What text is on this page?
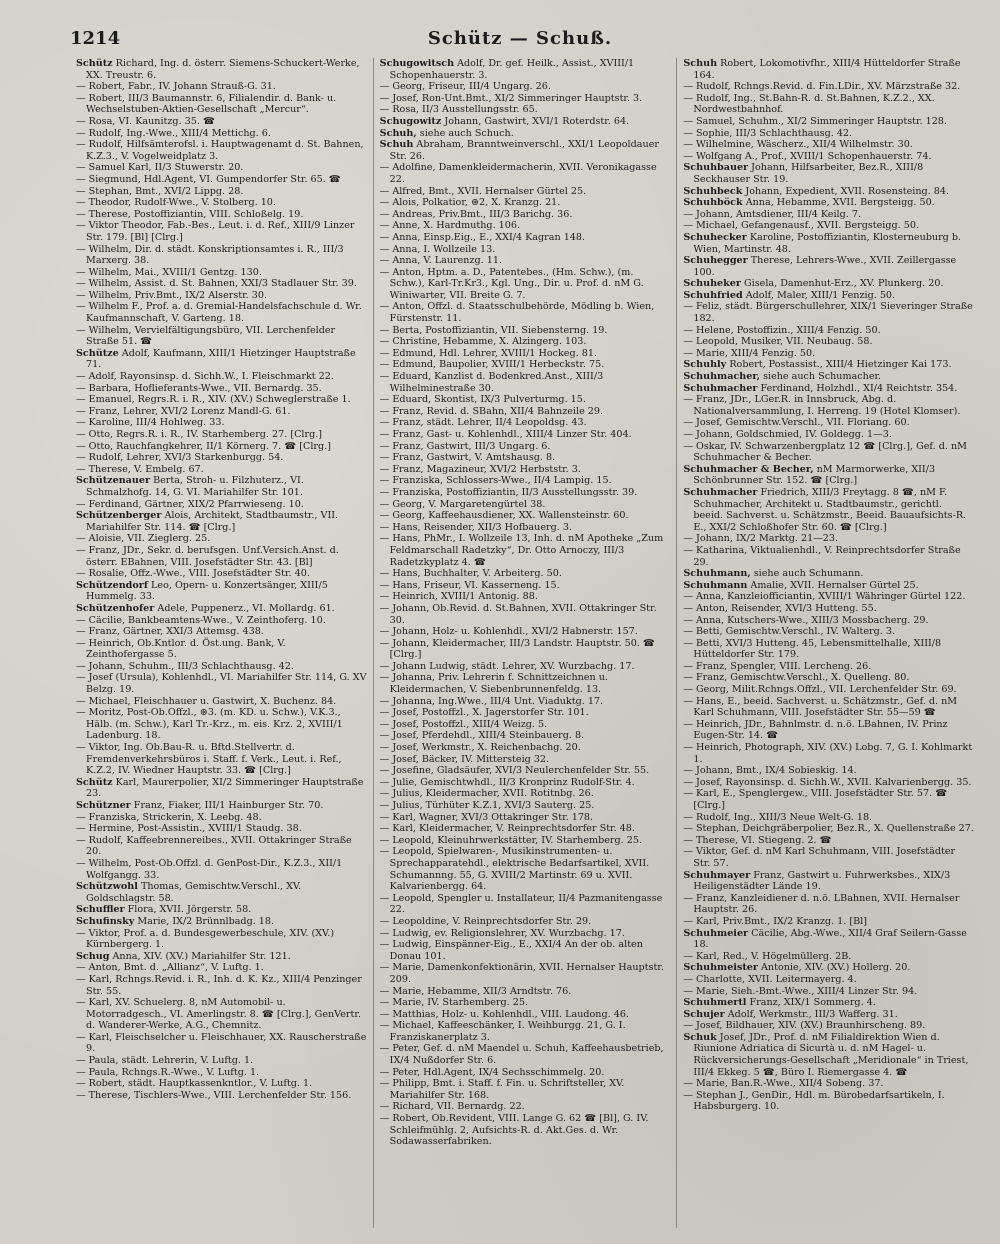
1214	Schütz — Schuß.

Schütz Richard, Ing. d. österr. Siemens-Schuckert-Werke, XX. Treustr. 6.

— Robert, Fabr., IV. Johann Strauß-G. 31.

— Robert, III/3 Baumannstr. 6, Filialendir. d. Bank- u. Wechselstuben-Aktien-Gesellschaft „Mercur“.

— Rosa, VI. Kaunitzg. 35. ☎

— Rudolf, Ing.-Wwe., XIII/4 Mettichg. 6.

— Rudolf, Hilfsämterofsl. i. Hauptwagenamt d. St. Bahnen, K.Z.3., V. Vogelweidplatz 3.

— Samuel Karl, II/3 Stuwerstr. 20.

— Siegmund, Hdl.Agent, VI. Gumpendorfer Str. 65. ☎

— Stephan, Bmt., XVI/2 Lippg. 28.

— Theodor, Rudolf-Wwe., V. Stolberg. 10.

— Therese, Postoffiziantin, VIII. Schloßelg. 19.

— Viktor Theodor, Fab.-Bes., Leut. i. d. Ref., XIII/9 Linzer Str. 179. [Bl] [Clrg.]

— Wilhelm, Dir. d. städt. Konskriptionsamtes i. R., III/3 Marxerg. 38.

— Wilhelm, Mai., XVIII/1 Gentzg. 130.

— Wilhelm, Assist. d. St. Bahnen, XXI/3 Stadlauer Str. 39.

— Wilhelm, Priv.Bmt., IX/2 Alserstr. 30.

— Wilhelm F., Prof. a. d. Gremial-Handelsfachschule d. Wr. Kaufmannschaft, V. Garteng. 18.

— Wilhelm, Vervielfältigungsbüro, VII. Lerchenfelder Straße 51. ☎

Schütze Adolf, Kaufmann, XIII/1 Hietzinger Hauptstraße 71.

— Adolf, Rayonsinsp. d. Sichh.W., I. Fleischmarkt 22.

— Barbara, Hoflieferants-Wwe., VII. Bernardg. 35.

— Emanuel, Regrs.R. i. R., XIV. (XV.) Schweglerstraße 1.

— Franz, Lehrer, XVI/2 Lorenz Mandl-G. 61.

— Karoline, III/4 Hohlweg. 33.

— Otto, Regrs.R. i. R., IV. Starhemberg. 27. [Clrg.]

— Otto, Rauchfangkehrer, II/1 Körnerg. 7. ☎ [Clrg.]

— Rudolf, Lehrer, XVI/3 Starkenburgg. 54.

— Therese, V. Embelg. 67.

Schützenauer Berta, Stroh- u. Filzhuterz., VI. Schmalzhofg. 14, G. VI. Mariahilfer Str. 101.

— Ferdinand, Gärtner, XIX/2 Pfarrwieseng. 10.

Schützenberger Alois, Architekt, Stadtbaumstr., VII. Mariahilfer Str. 114. ☎ [Clrg.]

— Aloisie, VII. Zieglerg. 25.

— Franz, JDr., Sekr. d. berufsgen. Unf.Versich.Anst. d. österr. EBahnen, VIII. Josefstädter Str. 43. [Bl]

— Rosalie, Offz.-Wwe., VIII. Josefstädter Str. 40.

Schützendorf Leo, Opern- u. Konzertsänger, XIII/5 Hummelg. 33.

Schützenhofer Adele, Puppenerz., VI. Mollardg. 61.

— Cäcilie, Bankbeamtens-Wwe., V. Zeinthoferg. 10.

— Franz, Gärtner, XXI/3 Attemsg. 438.

— Heinrich, Ob.Kntlor. d. Öst.ung. Bank, V. Zeinthofergasse 5.

— Johann, Schuhm., III/3 Schlachthausg. 42.

— Josef (Ursula), Kohlenhdl., VI. Mariahilfer Str. 114, G. XV Belzg. 19.

— Michael, Fleischhauer u. Gastwirt, X. Buchenz. 84.

— Moritz, Post-Ob.Offzl., ⊛3. (m. KD. u. Schw.), V.K.3., Hälb. (m. Schw.), Karl Tr.-Krz., m. eis. Krz. 2, XVIII/1 Ladenburg. 18.

— Viktor, Ing. Ob.Bau-R. u. Bftd.Stellvertr. d. Fremdenverkehrsbüros i. Staff. f. Verk., Leut. i. Ref., K.Z.2, IV. Wiedner Hauptstr. 33. ☎ [Clrg.]

Schütz Karl, Maurerpolier, XI/2 Simmeringer Hauptstraße 23.

Schützner Franz, Fiaker, III/1 Hainburger Str. 70.

— Franziska, Strickerin, X. Leebg. 48.

— Hermine, Post-Assistin., XVIII/1 Staudg. 38.

— Rudolf, Kaffeebrennereibes., XVII. Ottakringer Straße 20.

— Wilhelm, Post-Ob.Offzl. d. GenPost-Dir., K.Z.3., XII/1 Wolfgangg. 33.

Schützwohl Thomas, Gemischtw.Verschl., XV. Goldschlagstr. 58.

Schuffler Flora, XVII. Jörgerstr. 58.

Schufinsky Marie, IX/2 Brünnlbadg. 18.

— Viktor, Prof. a. d. Bundesgewerbeschule, XIV. (XV.) Kürnbergerg. 1.

Schug Anna, XIV. (XV.) Mariahilfer Str. 121.

— Anton, Bmt. d. „Allianz“, V. Luftg. 1.

— Karl, Rchngs.Revid. i. R., Inh. d. K. Kz., XIII/4 Penzinger Str. 55.

— Karl, XV. Schuelerg. 8, nM Automobil- u. Motorradgesch., VI. Amerlingstr. 8. ☎ [Clrg.], GenVertr. d. Wanderer-Werke, A.G., Chemnitz.

— Karl, Fleischselcher u. Fleischhauer, XX. Rauscherstraße 9.

— Paula, städt. Lehrerin, V. Luftg. 1.

— Paula, Rchngs.R.-Wwe., V. Luftg. 1.

— Robert, städt. Hauptkassenkntlor., V. Luftg. 1.

— Therese, Tischlers-Wwe., VIII. Lerchenfelder Str. 156.

Schugowitsch Adolf, Dr. gef. Heilk., Assist., XVIII/1 Schopenhauerstr. 3.

— Georg, Friseur, III/4 Ungarg. 26.

— Josef, Ron-Unt.Bmt., XI/2 Simmeringer Hauptstr. 3.

— Rosa, II/3 Ausstellungsstr. 65.

Schugowitz Johann, Gastwirt, XVI/1 Roterdstr. 64.

Schuh, siehe auch Schuch.

Schuh Abraham, Branntweinverschl., XXI/1 Leopoldauer Str. 26.

— Adolfine, Damenkleidermacherin, XVII. Veronikagasse 22.

— Alfred, Bmt., XVII. Hernalser Gürtel 25.

— Alois, Polkatior, ⊛2, X. Kranzg. 21.

— Andreas, Priv.Bmt., III/3 Barichg. 36.

— Anne, X. Hardmuthg. 106.

— Anna, Einsp.Eig., E., XXI/4 Kagran 148.

— Anna, I. Wollzeile 13.

— Anna, V. Laurenzg. 11.

— Anton, Hptm. a. D., Patentebes., (Hm. Schw.), (m. Schw.), Karl-Tr.Kr3., Kgl. Ung., Dir. u. Prof. d. nM G. Winiwarter, VII. Breite G. 7.

— Anton, Offzl. d. Staatsschulbehörde, Mödling b. Wien, Fürstenstr. 11.

— Berta, Postoffiziantin, VII. Siebensterng. 19.

— Christine, Hebamme, X. Alzingerg. 103.

— Edmund, Hdl. Lehrer, XVIII/1 Hockeg. 81.

— Edmund, Baupolier, XVIII/1 Herbeckstr. 75.

— Eduard, Kanzlist d. Bodenkred.Anst., XIII/3 Wilhelminestraße 30.

— Eduard, Skontist, IX/3 Pulverturmg. 15.

— Franz, Revid. d. SBahn, XII/4 Bahnzeile 29.

— Franz, städt. Lehrer, II/4 Leopoldsg. 43.

— Franz, Gast- u. Kohlenhdl., XIII/4 Linzer Str. 404.

— Franz, Gastwirt, III/3 Ungarg. 6.

— Franz, Gastwirt, V. Amtshausg. 8.

— Franz, Magazineur, XVI/2 Herbststr. 3.

— Franziska, Schlossers-Wwe., II/4 Lampig. 15.

— Franziska, Postoffiziantin, II/3 Ausstellungsstr. 39.

— Georg, V. Margaretengürtel 38.

— Georg, Kaffeehausdiener, XX. Wallensteinstr. 60.

— Hans, Reisender, XII/3 Hofbauerg. 3.

— Hans, PhMr., I. Wollzeile 13, Inh. d. nM Apotheke „Zum Feldmarschall Radetzky“, Dr. Otto Arnoczy, III/3 Radetzkyplatz 4. ☎

— Hans, Buchhalter, V. Arbeiterg. 50.

— Hans, Friseur, VI. Kasserneng. 15.

— Heinrich, XVIII/1 Antonig. 88.

— Johann, Ob.Revid. d. St.Bahnen, XVII. Ottakringer Str. 30.

— Johann, Holz- u. Kohlenhdl., XVI/2 Habnerstr. 157.

— Johann, Kleidermacher, III/3 Landstr. Hauptstr. 50. ☎ [Clrg.]

— Johann Ludwig, städt. Lehrer, XV. Wurzbachg. 17.

— Johanna, Priv. Lehrerin f. Schnittzeichnen u. Kleidermachen, V. Siebenbrunnenfeldg. 13.

— Johanna, Ing.Wwe., III/4 Unt. Viaduktg. 17.

— Josef, Postoffzl., X. Jagerstorfer Str. 101.

— Josef, Postoffzl., XIII/4 Weizg. 5.

— Josef, Pferdehdl., XIII/4 Steinbauerg. 8.

— Josef, Werkmstr., X. Reichenbachg. 20.

— Josef, Bäcker, IV. Mittersteig 32.

— Josefine, Gladsäufer, XVI/3 Neulerchenfelder Str. 55.

— Julie, Gemischtwhdl., II/3 Kronprinz Rudolf-Str. 4.

— Julius, Kleidermacher, XVII. Rotitnbg. 26.

— Julius, Türhüter K.Z.1, XVI/3 Sauterg. 25.

— Karl, Wagner, XVI/3 Ottakringer Str. 178.

— Karl, Kleidermacher, V. Reinprechtsdorfer Str. 48.

— Leopold, Kleinuhrwerkstätter, IV. Starhemberg. 25.

— Leopold, Spielwaren-, Musikinstrumenten- u. Sprechapparatehdl., elektrische Bedarfsartikel, XVII. Schumannng. 55, G. XVIII/2 Martinstr. 69 u. XVII. Kalvarienbergg. 64.

— Leopold, Spengler u. Installateur, II/4 Pazmanitengasse 22.

— Leopoldine, V. Reinprechtsdorfer Str. 29.

— Ludwig, ev. Religionslehrer, XV. Wurzbachg. 17.

— Ludwig, Einspänner-Eig., E., XXI/4 An der ob. alten Donau 101.

— Marie, Damenkonfektionärin, XVII. Hernalser Hauptstr. 209.

— Marie, Hebamme, XII/3 Arndtstr. 76.

— Marie, IV. Starhemberg. 25.

— Matthias, Holz- u. Kohlenhdl., VIII. Laudong. 46.

— Michael, Kaffeeschänker, I. Weihburgg. 21, G. I. Franziskanerplatz 3.

— Peter, Gef. d. nM Maendel u. Schuh, Kaffeehausbetrieb, IX/4 Nußdorfer Str. 6.

— Peter, Hdl.Agent, IX/4 Sechsschimmelg. 20.

— Philipp, Bmt. i. Staff. f. Fin. u. Schriftsteller, XV. Mariahilfer Str. 168.

— Richard, VII. Bernardg. 22.

— Robert, Ob.Revident, VIII. Lange G. 62 ☎ [Bl], G. IV. Schleifmühlg. 2, Aufsichts-R. d. Akt.Ges. d. Wr. Sodawasserfabriken.

Schuh Robert, Lokomotivfhr., XIII/4 Hütteldorfer Straße 164.

— Rudolf, Rchngs.Revid. d. Fin.LDir., XV. Märzstraße 32.

— Rudolf, Ing., St.Bahn-R. d. St.Bahnen, K.Z.2., XX. Nordwestbahnhof.

— Samuel, Schuhm., XI/2 Simmeringer Hauptstr. 128.

— Sophie, III/3 Schlachthausg. 42.

— Wilhelmine, Wäscherz., XII/4 Wilhelmstr. 30.

— Wolfgang A., Prof., XVIII/1 Schopenhauerstr. 74.

Schuhbauer Johann, Hilfsarbeiter, Bez.R., XIII/8 Seckhauser Str. 19.

Schuhbeck Johann, Expedient, XVII. Rosensteing. 84.

Schuhböck Anna, Hebamme, XVII. Bergsteigg. 50.

— Johann, Amtsdiener, III/4 Keilg. 7.

— Michael, Gefangenausf., XVII. Bergsteigg. 50.

Schuhecker Karoline, Postoffiziantin, Klosterneuburg b. Wien, Martinstr. 48.

Schuhegger Therese, Lehrers-Wwe., XVII. Zeillergasse 100.

Schuheker Gisela, Damenhut-Erz., XV. Plunkerg. 20.

Schuhfried Adolf, Maler, XIII/1 Fenzig. 50.

— Feliz, städt. Bürgerschullehrer, XIX/1 Sieveringer Straße 182.

— Helene, Postoffizin., XIII/4 Fenzig. 50.

— Leopold, Musiker, VII. Neubaug. 58.

— Marie, XIII/4 Fenzig. 50.

Schuhly Robert, Postassist., XIII/4 Hietzinger Kai 173.

Schuhmacher, siehe auch Schumacher.

Schuhmacher Ferdinand, Holzhdl., XI/4 Reichtstr. 354.

— Franz, JDr., LGer.R. in Innsbruck, Abg. d. Nationalversammlung, I. Herreng. 19 (Hotel Klomser).

— Josef, Gemischtw.Verschl., VII. Floriang. 60.

— Johann, Goldschmied, IV. Goldegg. 1—3.

— Oskar, IV. Schwarzenbergplatz 12 ☎ [Clrg.], Gef. d. nM Schuhmacher & Becher.

Schuhmacher & Becher, nM Marmorwerke, XII/3 Schönbrunner Str. 152. ☎ [Clrg.]

Schuhmacher Friedrich, XIII/3 Freytagg. 8 ☎, nM F. Schuhmacher, Architekt u. Stadtbaumstr., gerichtl. beeid. Sachverst. u. Schätzmstr., Beeid. Bauaufsichts-R. E., XXI/2 Schloßhofer Str. 60. ☎ [Clrg.]

— Johann, IX/2 Marktg. 21—23.

— Katharina, Viktualienhdl., V. Reinprechtsdorfer Straße 29.

Schuhmann, siehe auch Schumann.

Schuhmann Amalie, XVII. Hernalser Gürtel 25.

— Anna, Kanzleiofficiantin, XVIII/1 Währinger Gürtel 122.

— Anton, Reisender, XVI/3 Hutteng. 55.

— Anna, Kutschers-Wwe., XIII/3 Mossbacherg. 29.

— Betti, Gemischtw.Verschl., IV. Walterg. 3.

— Betti, XVI/3 Hutteng. 45, Lebensmittelhalle, XIII/8 Hütteldorfer Str. 179.

— Franz, Spengler, VIII. Lercheng. 26.

— Franz, Gemischtw.Verschl., X. Quelleng. 80.

— Georg, Milit.Rchngs.Offzl., VII. Lerchenfelder Str. 69.

— Hans, E., beeid. Sachverst. u. Schätzmstr., Gef. d. nM Karl Schuhmann, VIII. Josefstädter Str. 55—59 ☎

— Heinrich, JDr., Bahnlmstr. d. n.ö. LBahnen, IV. Prinz Eugen-Str. 14. ☎

— Heinrich, Photograph, XIV. (XV.) Lobg. 7, G. I. Kohlmarkt 1.

— Johann, Bmt., IX/4 Sobieskig. 14.

— Josef, Rayonsinsp. d. Sichh.W., XVII. Kalvarienbergg. 35.

— Karl, E., Spenglergew., VIII. Josefstädter Str. 57. ☎ [Clrg.]

— Rudolf, Ing., XIII/3 Neue Welt-G. 18.

— Stephan, Deichgräberpolier, Bez.R., X. Quellenstraße 27.

— Therese, VI. Stiegeng. 2. ☎

— Viktor, Gef. d. nM Karl Schuhmann, VIII. Josefstädter Str. 57.

Schuhmayer Franz, Gastwirt u. Fuhrwerksbes., XIX/3 Heiligenstädter Lände 19.

— Franz, Kanzleidiener d. n.ö. LBahnen, XVII. Hernalser Hauptstr. 26.

— Karl, Priv.Bmt., IX/2 Kranzg. 1. [Bl]

Schuhmeier Cäcilie, Abg.-Wwe., XII/4 Graf Seilern-Gasse 18.

— Karl, Red., V. Högelmüllerg. 2B.

Schuhmeister Antonie, XIV. (XV.) Hollerg. 20.

— Charlotte, XVII. Leitermayerg. 4.

— Marie, Sieh.-Bmt.-Wwe., XIII/4 Linzer Str. 94.

Schuhmertl Franz, XIX/1 Sommerg. 4.

Schujer Adolf, Werkmstr., III/3 Wafferg. 31.

— Josef, Bildhauer, XIV. (XV.) Braunhirscheng. 89.

Schuk Josef, JDr., Prof. d. nM Filialdirektion Wien d. Riunione Adriatica di Sicurtà u. d. nM Hagel- u. Rückversicherungs-Gesellschaft „Meridionale“ in Triest, III/4 Ekkeg. 5 ☎, Büro I. Riemergasse 4. ☎

— Marie, Ban.R.-Wwe., XII/4 Sobeng. 37.

— Stephan J., GenDir., Hdl. m. Bürobedarfsartikeln, I. Habsburgerg. 10.
